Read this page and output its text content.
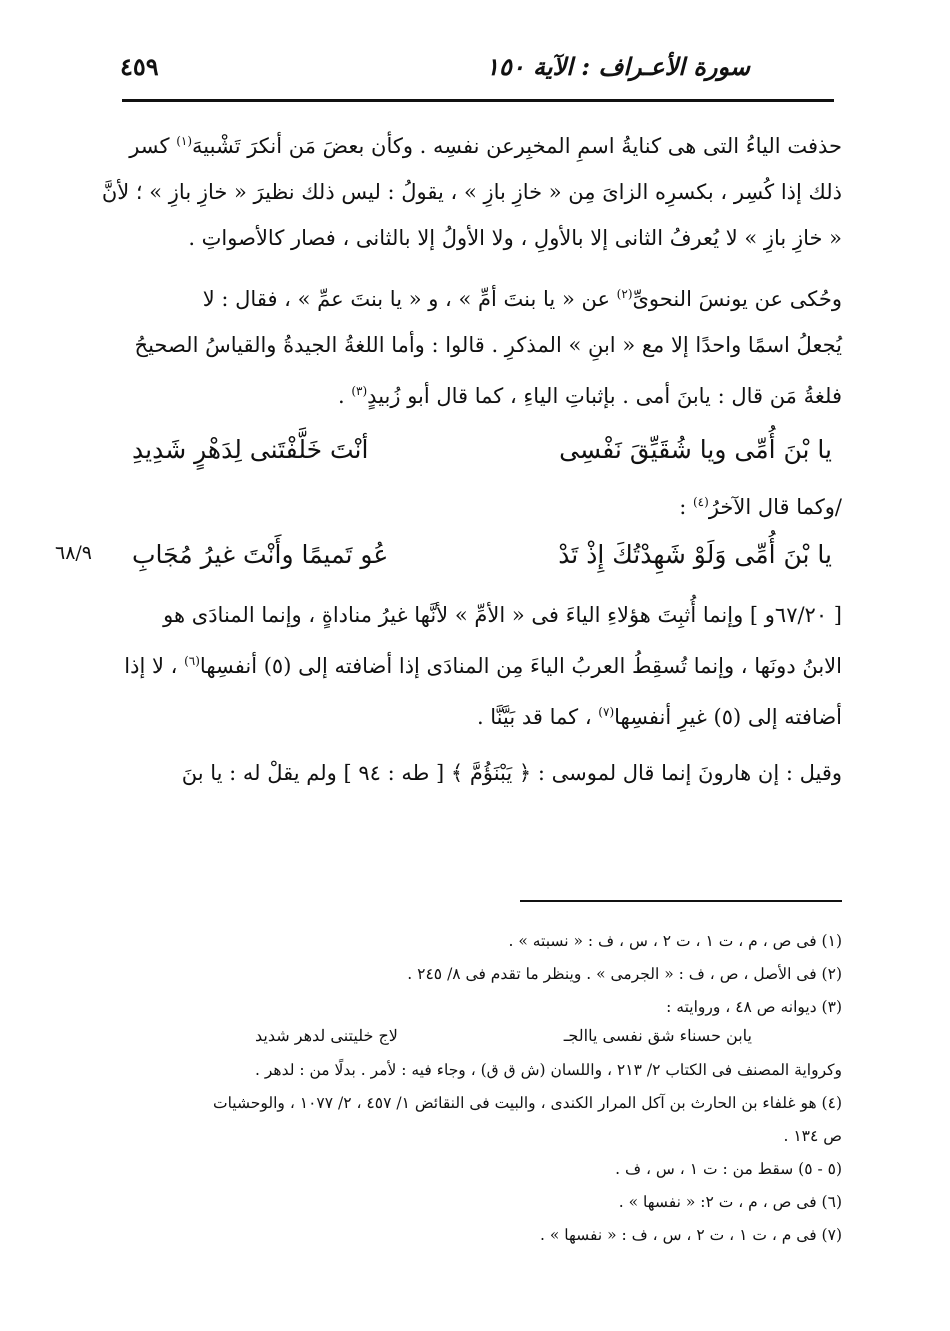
سورة الأعـراف : الآية ١٥٠
٤٥٩
٦٨/٩
حذفت الياءُ التى هى كنايةُ اسمِ المخبِرعن نفسِه . وكأن بعضَ مَن أنكرَ تَشْبيهَ$^{(١)}$ كسر
ذلك إذا كُسِر ، بكسرِه الزاىَ مِن « خازِ بازِ » ، يقولُ : ليس ذلك نظيرَ « خازِ بازِ » ؛ لأنَّ
« خازِ بازِ » لا يُعرفُ الثانى إلا بالأولِ ، ولا الأولُ إلا بالثانى ، فصار كالأصواتِ .
وحُكى عن يونسَ النحوىِّ$^{(٢)}$ عن « يا بنتَ أمِّ » ، و « يا بنتَ عمِّ » ، فقال : لا
يُجعلُ اسمًا واحدًا إلا مع « ابنِ » المذكرِ . قالوا : وأما اللغةُ الجيدةُ والقياسُ الصحيحُ
فلغةُ مَن قال : يابنَ أمى . بإثباتِ الياءِ ، كما قال أبو زُبيدٍ$^{(٣)}$ .
يا بْنَ أُمِّى ويا شُقَيِّقَ نَفْسِى
أنْتَ خَلَّفْتَنى لِدَهْرٍ شَدِيدِ
/وكما قال الآخرُ$^{(٤)}$ :
يا بْنَ أُمِّى وَلَوْ شَهِدْتُكَ إِذْ تَدْ
عُو تَميمًا وأَنْتَ غيرُ مُجَابِ
[ ٦٧/٢٠و ] وإنما أُثبِتَ هؤلاءِ الياءَ فى « الأمِّ » لأنَّها غيرُ مناداةٍ ، وإنما المنادَى هو
الابنُ دونَها ، وإنما تُسقِطُ العربُ الياءَ مِن المنادَى إذا أضافته إلى (٥) أنفسِها$^{(٦)}$ ، لا إذا
أضافته إلى (٥) غيرِ أنفسِها$^{(٧)}$ ، كما قد بَيَّنَّا .
وقيل : إن هارونَ إنما قال لموسى : ﴿ يَبْنَؤُمَّ ﴾ [ طه : ٩٤ ] ولم يقلْ له : يا بنَ
(١) فى ص ، م ، ت ١ ، ت ٢ ، س ، ف : « نسبته » .
(٢) فى الأصل ، ص ، ف : « الجرمى » . وينظر ما تقدم فى ٨/ ٢٤٥ .
(٣) ديوانه ص ٤٨ ، وروايته :
يابن حسناء شق نفسى ياالجـ
لاج خليتنى لدهر شديد
وكرواية المصنف فى الكتاب ٢/ ٢١٣ ، واللسان (ش ق ق) ، وجاء فيه : لأمر . بدلًا من : لدهر .
(٤) هو غلفاء بن الحارث بن آكل المرار الكندى ، والبيت فى النقائض ١/ ٤٥٧ ، ٢/ ١٠٧٧ ، والوحشيات
ص ١٣٤ .
(٥ - ٥) سقط من : ت ١ ، س ، ف .
(٦) فى ص ، م ، ت ٢: « نفسها » .
(٧) فى م ، ت ١ ، ت ٢ ، س ، ف : « نفسها » .
